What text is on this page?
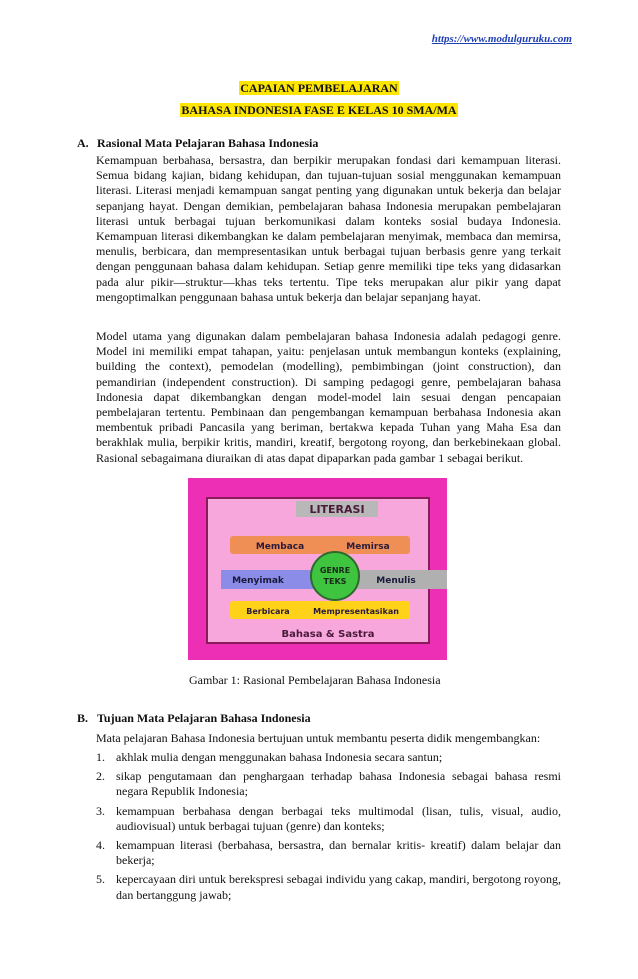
https://www.modulguruku.com
CAPAIAN PEMBELAJARAN
BAHASA INDONESIA FASE E KELAS 10 SMA/MA
A. Rasional Mata Pelajaran Bahasa Indonesia

Kemampuan berbahasa, bersastra, dan berpikir merupakan fondasi dari kemampuan literasi. Semua bidang kajian, bidang kehidupan, dan tujuan-tujuan sosial menggunakan kemampuan literasi. Literasi menjadi kemampuan sangat penting yang digunakan untuk bekerja dan belajar sepanjang hayat. Dengan demikian, pembelajaran bahasa Indonesia merupakan pembelajaran literasi untuk berbagai tujuan berkomunikasi dalam konteks sosial budaya Indonesia. Kemampuan literasi dikembangkan ke dalam pembelajaran menyimak, membaca dan memirsa, menulis, berbicara, dan mempresentasikan untuk berbagai tujuan berbasis genre yang terkait dengan penggunaan bahasa dalam kehidupan. Setiap genre memiliki tipe teks yang didasarkan pada alur pikir—struktur—khas teks tertentu. Tipe teks merupakan alur pikir yang dapat mengoptimalkan penggunaan bahasa untuk bekerja dan belajar sepanjang hayat.

Model utama yang digunakan dalam pembelajaran bahasa Indonesia adalah pedagogi genre. Model ini memiliki empat tahapan, yaitu: penjelasan untuk membangun konteks (explaining, building the context), pemodelan (modelling), pembimbingan (joint construction), dan pemandirian (independent construction). Di samping pedagogi genre, pembelajaran bahasa Indonesia dapat dikembangkan dengan model-model lain sesuai dengan pencapaian pembelajaran tertentu. Pembinaan dan pengembangan kemampuan berbahasa Indonesia akan membentuk pribadi Pancasila yang beriman, bertakwa kepada Tuhan yang Maha Esa dan berakhlak mulia, berpikir kritis, mandiri, kreatif, bergotong royong, dan berkebinekaan global. Rasional sebagaimana diuraikan di atas dapat dipaparkan pada gambar 1 sebagai berikut.

LITERASI
Membaca	Memirsa
Menyimak	Menulis
GENRE
TEKS
Berbicara	Mempresentasikan
Bahasa & Sastra
Gambar 1: Rasional Pembelajaran Bahasa Indonesia
B. Tujuan Mata Pelajaran Bahasa Indonesia

Mata pelajaran Bahasa Indonesia bertujuan untuk membantu peserta didik mengembangkan:

1. akhlak mulia dengan menggunakan bahasa Indonesia secara santun;
2. sikap pengutamaan dan penghargaan terhadap bahasa Indonesia sebagai bahasa resmi negara Republik Indonesia;
3. kemampuan berbahasa dengan berbagai teks multimodal (lisan, tulis, visual, audio, audiovisual) untuk berbagai tujuan (genre) dan konteks;
4. kemampuan literasi (berbahasa, bersastra, dan bernalar kritis- kreatif) dalam belajar dan bekerja;
5. kepercayaan diri untuk berekspresi sebagai individu yang cakap, mandiri, bergotong royong, dan bertanggung jawab;
